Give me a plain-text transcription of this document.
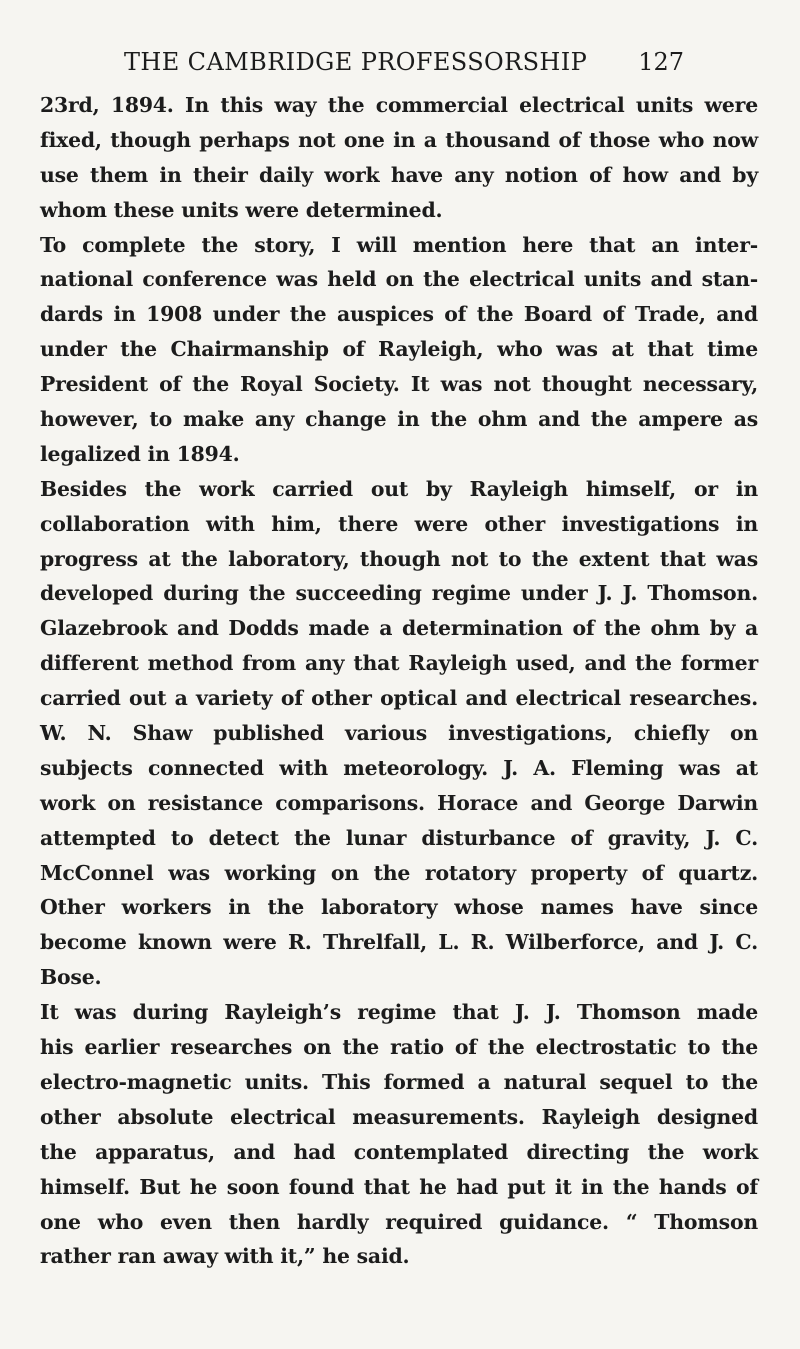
THE CAMBRIDGE PROFESSORSHIP 127
23rd, 1894. In this way the commercial electrical units were
fixed, though perhaps not one in a thousand of those who now
use them in their daily work have any notion of how and by
whom these units were determined.
To complete the story, I will mention here that an inter-
national conference was held on the electrical units and stan-
dards in 1908 under the auspices of the Board of Trade, and
under the Chairmanship of Rayleigh, who was at that time
President of the Royal Society. It was not thought necessary,
however, to make any change in the ohm and the ampere as
legalized in 1894.
Besides the work carried out by Rayleigh himself, or in
collaboration with him, there were other investigations in
progress at the laboratory, though not to the extent that was
developed during the succeeding regime under J. J. Thomson.
Glazebrook and Dodds made a determination of the ohm by a
different method from any that Rayleigh used, and the former
carried out a variety of other optical and electrical researches.
W. N. Shaw published various investigations, chiefly on
subjects connected with meteorology. J. A. Fleming was at
work on resistance comparisons. Horace and George Darwin
attempted to detect the lunar disturbance of gravity, J. C.
McConnel was working on the rotatory property of quartz.
Other workers in the laboratory whose names have since
become known were R. Threlfall, L. R. Wilberforce, and J. C.
Bose.
It was during Rayleigh’s regime that J. J. Thomson made
his earlier researches on the ratio of the electrostatic to the
electro-magnetic units. This formed a natural sequel to the
other absolute electrical measurements. Rayleigh designed
the apparatus, and had contemplated directing the work
himself. But he soon found that he had put it in the hands of
one who even then hardly required guidance. “ Thomson
rather ran away with it,” he said.
